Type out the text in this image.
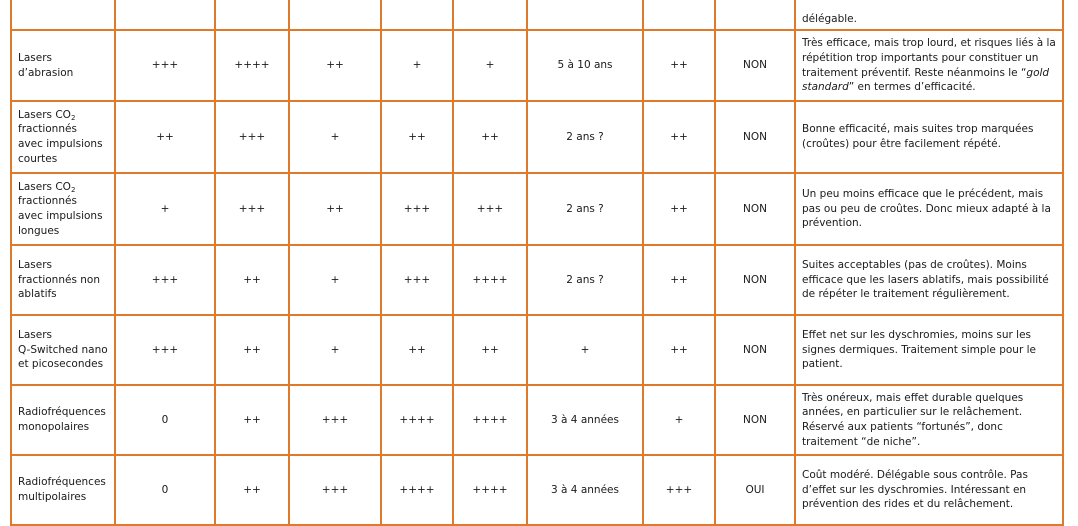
									délégable.
Lasers
d’abrasion	+++	++++	++	+	+	5 à 10 ans	++	NON	Très efficace, mais trop lourd, et risques liés à la répétition trop importants pour constituer un traitement préventif. Reste néanmoins le “gold standard” en termes d’efficacité.
Lasers $CO_2$
fractionnés
avec impulsions
courtes	++	+++	+	++	++	2 ans ?	++	NON	Bonne efficacité, mais suites trop marquées (croûtes) pour être facilement répété.
Lasers $CO_2$
fractionnés
avec impulsions
longues	+	+++	++	+++	+++	2 ans ?	++	NON	Un peu moins efficace que le précédent, mais pas ou peu de croûtes. Donc mieux adapté à la prévention.
Lasers
fractionnés non
ablatifs	+++	++	+	+++	++++	2 ans ?	++	NON	Suites acceptables (pas de croûtes). Moins efficace que les lasers ablatifs, mais possibilité de répéter le traitement régulièrement.
Lasers
Q-Switched nano
et picosecondes	+++	++	+	++	++	+	++	NON	Effet net sur les dyschromies, moins sur les signes dermiques. Traitement simple pour le patient.
Radiofréquences
monopolaires	0	++	+++	++++	++++	3 à 4 années	+	NON	Très onéreux, mais effet durable quelques années, en particulier sur le relâchement. Réservé aux patients “fortunés”, donc traitement “de niche”.
Radiofréquences
multipolaires	0	++	+++	++++	++++	3 à 4 années	+++	OUI	Coût modéré. Délégable sous contrôle. Pas d’effet sur les dyschromies. Intéressant en prévention des rides et du relâchement.
